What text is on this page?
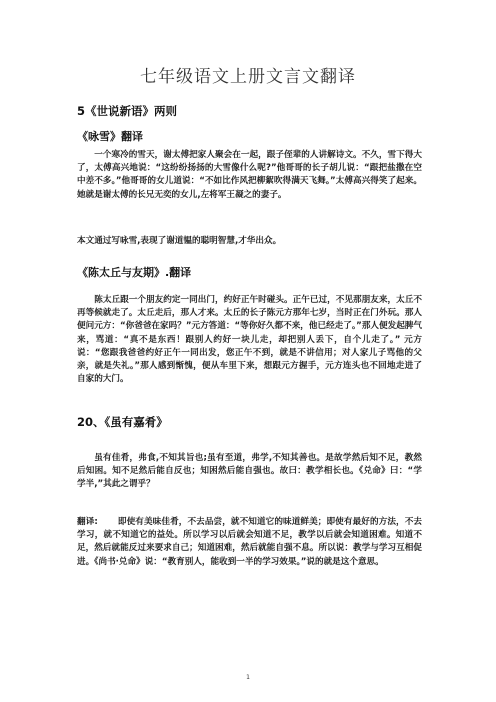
七年级语文上册文言文翻译
5《世说新语》两则
《咏雪》翻译

一个寒冷的雪天，谢太傅把家人聚会在一起，跟子侄辈的人讲解诗文。不久，雪下得大了，太傅高兴地说：“这纷纷扬扬的大雪像什么呢?”他哥哥的长子胡儿说：“跟把盐撒在空中差不多。”他哥哥的女儿道说：“不如比作风把柳絮吹得满天飞舞。”太傅高兴得笑了起来。她就是谢太傅的长兄无奕的女儿,左将军王凝之的妻子。

本文通过写咏雪,表现了谢道韫的聪明智慧,才华出众。

《陈太丘与友期》.翻译

陈太丘跟一个朋友约定一同出门，约好正午时碰头。正午已过，不见那朋友来，太丘不再等候就走了。太丘走后，那人才来。太丘的长子陈元方那年七岁，当时正在门外玩。那人便问元方：“你爸爸在家吗？”元方答道：“等你好久都不来，他已经走了。”那人便发起脾气来，骂道：“真不是东西！跟别人约好一块儿走，却把别人丢下，自个儿走了。” 元方说：“您跟我爸爸约好正午一同出发，您正午不到，就是不讲信用；对人家儿子骂他的父亲，就是失礼。”那人感到惭愧，便从车里下来，想跟元方握手，元方连头也不回地走进了自家的大门。

20、《虽有嘉肴》

虽有佳肴，弗食,不知其旨也;虽有至道，弗学,不知其善也。是故学然后知不足，教然后知困。知不足然后能自反也；知困然后能自强也。故曰：教学相长也。《兑命》曰：“学学半,”其此之谓乎？

翻译: 即使有美味佳肴，不去品尝，就不知道它的味道鲜美；即使有最好的方法，不去学习，就不知道它的益处。所以学习以后就会知道不足，教学以后就会知道困难。知道不足，然后就能反过来要求自己；知道困难，然后就能自强不息。所以说：教学与学习互相促进。《尚书·兑命》说：“教育别人，能收到一半的学习效果。”说的就是这个意思。

1
